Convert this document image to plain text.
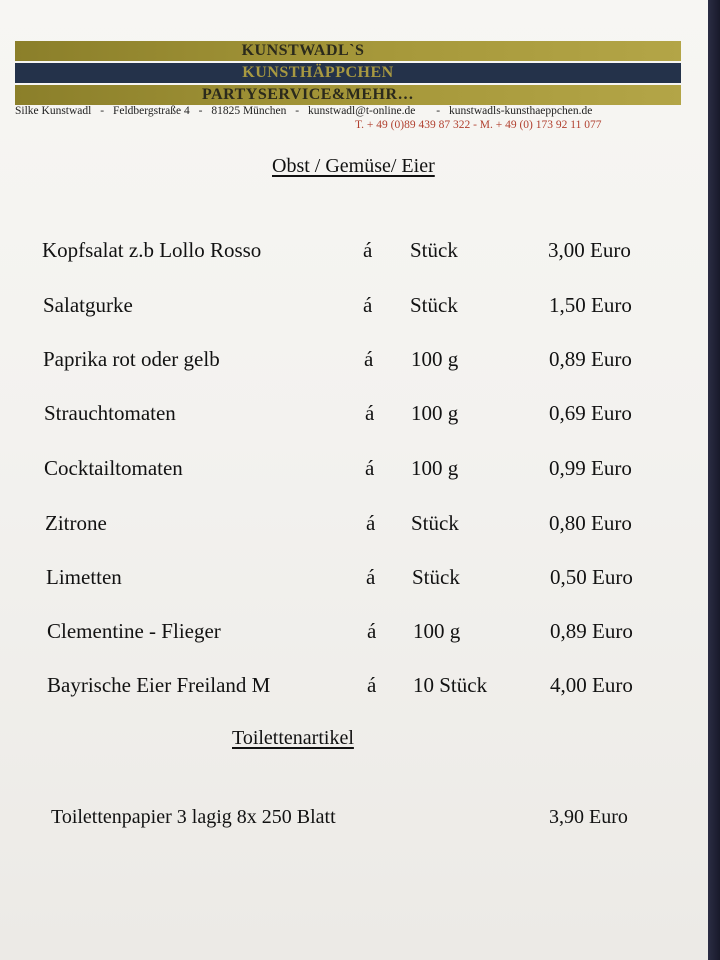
KUNSTWADL`S
KUNSTHÄPPCHEN
PARTYSERVICE&MEHR…
Silke Kunstwadl - Feldbergstraße 4 - 81825 München - kunstwadl@t-online.de - kunstwadls-kunsthaeppchen.de
T. + 49 (0)89 439 87 322 - M. + 49 (0) 173 92 11 077
Obst / Gemüse/ Eier
Kopfsalat z.b Lollo Rosso	á Stück	3,00 Euro
Salatgurke	á Stück	1,50 Euro
Paprika rot oder gelb	á 100 g	0,89 Euro
Strauchtomaten	á 100 g	0,69 Euro
Cocktailtomaten	á 100 g	0,99 Euro
Zitrone	á Stück	0,80 Euro
Limetten	á Stück	0,50 Euro
Clementine - Flieger	á 100 g	0,89 Euro
Bayrische Eier Freiland M	á 10 Stück	4,00 Euro
Toilettenartikel
Toilettenpapier 3 lagig 8x 250 Blatt	3,90 Euro
